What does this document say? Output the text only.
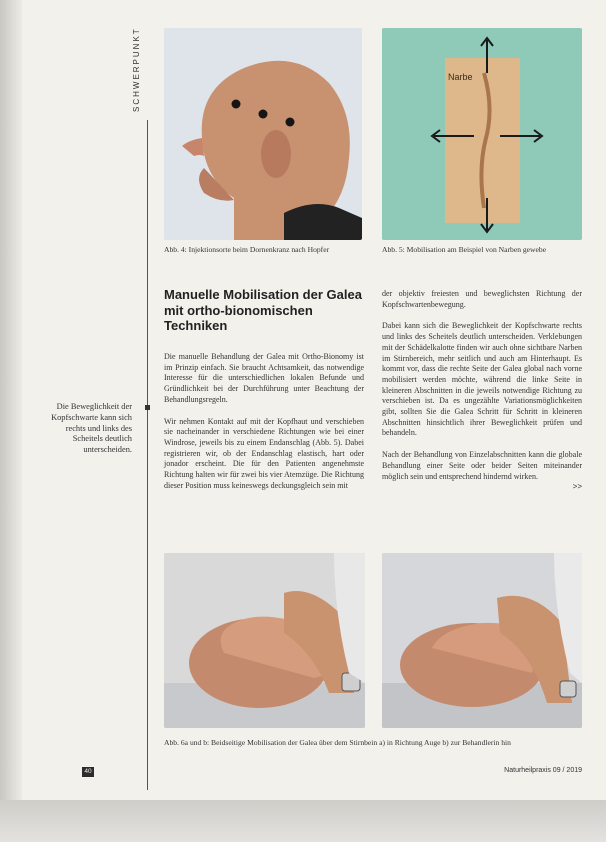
SCHWERPUNKT
Die Beweglichkeit der Kopfschwarte kann sich rechts und links des Scheitels deutlich unterscheiden.
Narbe
Abb. 4: Injektionsorte beim Dornenkranz nach Hopfer	Abb. 5: Mobilisation am Beispiel von Narben gewebe
Manuelle Mobilisation der Galea mit ortho-bionomischen Techniken

Die manuelle Behandlung der Galea mit Ortho-Bionomy ist im Prinzip einfach. Sie braucht Achtsamkeit, das notwendige Interesse für die unterschiedlichen lokalen Befunde und Gründlichkeit bei der Durchführung unter Beachtung der Behandlungsregeln.

Wir nehmen Kontakt auf mit der Kopfhaut und verschieben sie nacheinander in verschiedene Richtungen wie bei einer Windrose, jeweils bis zu einem Endanschlag (Abb. 5). Dabei registrieren wir, ob der Endanschlag elastisch, hart oder jonador erscheint. Die für den Patienten angenehmste Richtung halten wir für zwei bis vier Atemzüge. Die Richtung dieser Position muss keineswegs deckungsgleich sein mit

der objektiv freiesten und beweglichsten Richtung der Kopfschwartenbewegung.

Dabei kann sich die Beweglichkeit der Kopfschwarte rechts und links des Scheitels deutlich unterscheiden. Verklebungen mit der Schädelkalotte finden wir auch ohne sichtbare Narben im Stirnbereich, mehr seitlich und auch am Hinterhaupt. Es kommt vor, dass die rechte Seite der Galea global nach vorne mobilisiert werden möchte, während die linke Seite in kleineren Abschnitten in die jeweils notwendige Richtung zu verschieben ist. Da es ungezählte Variationsmöglichkeiten gibt, sollten Sie die Galea Schritt für Schritt in kleineren Abschnitten hinsichtlich ihrer Beweglichkeit prüfen und behandeln.

Nach der Behandlung von Einzelabschnitten kann die globale Behandlung einer Seite oder beider Seiten miteinander möglich sein und entsprechend hindernd wirken.

>>
Abb. 6a und b: Beidseitige Mobilisation der Galea über dem Stirnbein a) in Richtung Auge b) zur Behandlerin hin
40	Naturheilpraxis 09 / 2019
